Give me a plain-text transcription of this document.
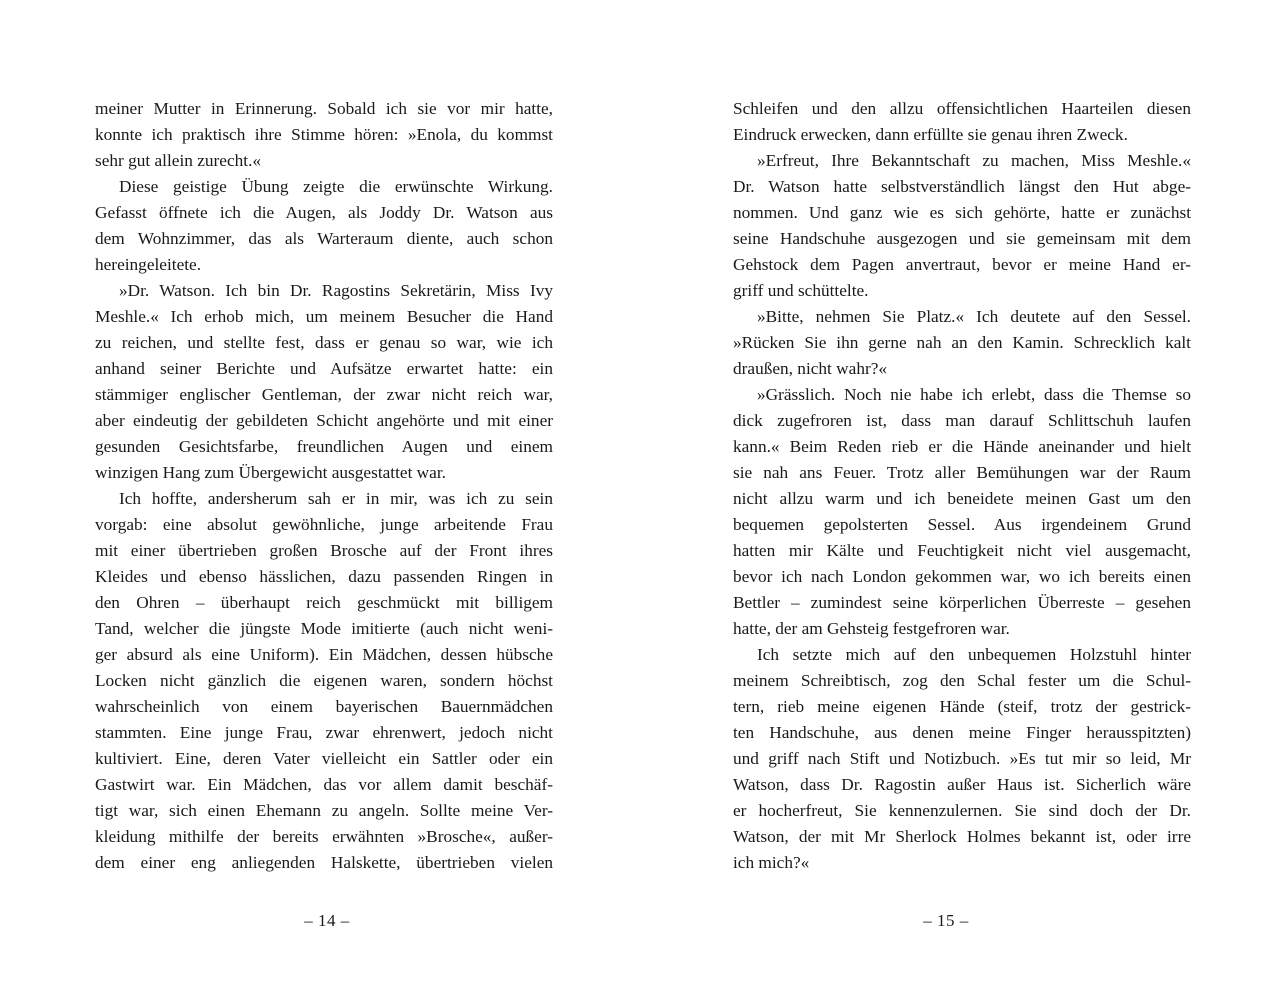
meiner Mutter in Erinnerung. Sobald ich sie vor mir hatte,
konnte ich praktisch ihre Stimme hören: »Enola, du kommst
sehr gut allein zurecht.«
Diese geistige Übung zeigte die erwünschte Wirkung.
Gefasst öffnete ich die Augen, als Joddy Dr. Watson aus
dem Wohnzimmer, das als Warteraum diente, auch schon
hereingeleitete.
»Dr. Watson. Ich bin Dr. Ragostins Sekretärin, Miss Ivy
Meshle.« Ich erhob mich, um meinem Besucher die Hand
zu reichen, und stellte fest, dass er genau so war, wie ich
anhand seiner Berichte und Aufsätze erwartet hatte: ein
stämmiger englischer Gentleman, der zwar nicht reich war,
aber eindeutig der gebildeten Schicht angehörte und mit einer
gesunden Gesichtsfarbe, freundlichen Augen und einem
winzigen Hang zum Übergewicht ausgestattet war.
Ich hoffte, andersherum sah er in mir, was ich zu sein
vorgab: eine absolut gewöhnliche, junge arbeitende Frau
mit einer übertrieben großen Brosche auf der Front ihres
Kleides und ebenso hässlichen, dazu passenden Ringen in
den Ohren – überhaupt reich geschmückt mit billigem
Tand, welcher die jüngste Mode imitierte (auch nicht weni-
ger absurd als eine Uniform). Ein Mädchen, dessen hübsche
Locken nicht gänzlich die eigenen waren, sondern höchst
wahrscheinlich von einem bayerischen Bauernmädchen
stammten. Eine junge Frau, zwar ehrenwert, jedoch nicht
kultiviert. Eine, deren Vater vielleicht ein Sattler oder ein
Gastwirt war. Ein Mädchen, das vor allem damit beschäf-
tigt war, sich einen Ehemann zu angeln. Sollte meine Ver-
kleidung mithilfe der bereits erwähnten »Brosche«, außer-
dem einer eng anliegenden Halskette, übertrieben vielen
– 14 –
Schleifen und den allzu offensichtlichen Haarteilen diesen
Eindruck erwecken, dann erfüllte sie genau ihren Zweck.
»Erfreut, Ihre Bekanntschaft zu machen, Miss Meshle.«
Dr. Watson hatte selbstverständlich längst den Hut abge-
nommen. Und ganz wie es sich gehörte, hatte er zunächst
seine Handschuhe ausgezogen und sie gemeinsam mit dem
Gehstock dem Pagen anvertraut, bevor er meine Hand er-
griff und schüttelte.
»Bitte, nehmen Sie Platz.« Ich deutete auf den Sessel.
»Rücken Sie ihn gerne nah an den Kamin. Schrecklich kalt
draußen, nicht wahr?«
»Grässlich. Noch nie habe ich erlebt, dass die Themse so
dick zugefroren ist, dass man darauf Schlittschuh laufen
kann.« Beim Reden rieb er die Hände aneinander und hielt
sie nah ans Feuer. Trotz aller Bemühungen war der Raum
nicht allzu warm und ich beneidete meinen Gast um den
bequemen gepolsterten Sessel. Aus irgendeinem Grund
hatten mir Kälte und Feuchtigkeit nicht viel ausgemacht,
bevor ich nach London gekommen war, wo ich bereits einen
Bettler – zumindest seine körperlichen Überreste – gesehen
hatte, der am Gehsteig festgefroren war.
Ich setzte mich auf den unbequemen Holzstuhl hinter
meinem Schreibtisch, zog den Schal fester um die Schul-
tern, rieb meine eigenen Hände (steif, trotz der gestrick-
ten Handschuhe, aus denen meine Finger herausspitzten)
und griff nach Stift und Notizbuch. »Es tut mir so leid, Mr
Watson, dass Dr. Ragostin außer Haus ist. Sicherlich wäre
er hocherfreut, Sie kennenzulernen. Sie sind doch der Dr.
Watson, der mit Mr Sherlock Holmes bekannt ist, oder irre
ich mich?«
– 15 –
